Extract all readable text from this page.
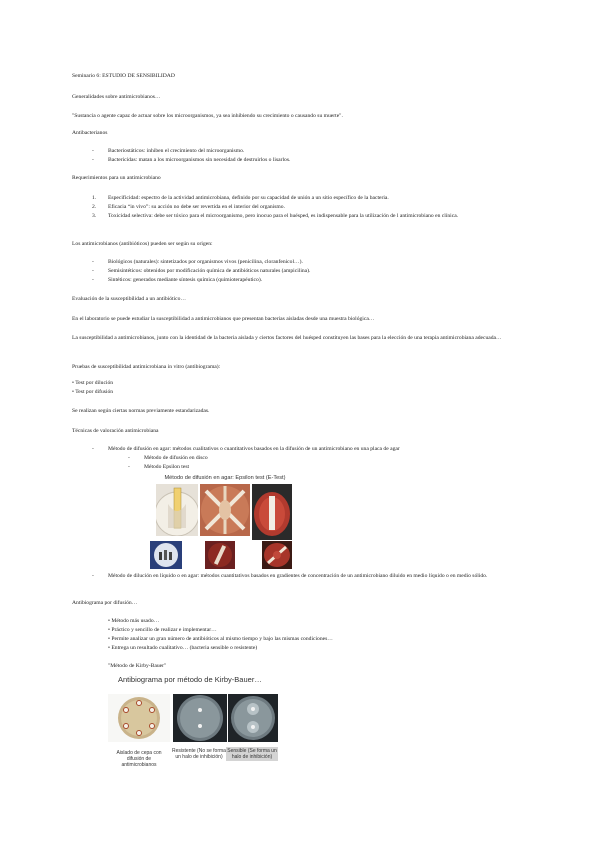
Seminario 6: ESTUDIO DE SENSIBILIDAD
Generalidades sobre antimicrobianos…
"Sustancia o agente capaz de actuar sobre los microorganismos, ya sea inhibiendo su crecimiento o causando su muerte".
Antibacterianos
-	Bacteriostáticos: inhiben el crecimiento del microorganismo.
-	Bactericidas: matan a los microorganismos sin necesidad de destruirlos o lisarlos.
Requerimientos para un antimicrobiano
1. Especificidad: espectro de la actividad antimicrobiana, definido por su capacidad de unión a un sitio específico de la bacteria.
2. Eficacia “in vivo”: su acción no debe ser revertida en el interior del organismo.
3. Toxicidad selectiva: debe ser tóxico para el microorganismo, pero inocuo para el huésped, es indispensable para la utilización de l antimicrobiano en clínica.
Los antimicrobianos (antibióticos) pueden ser según su origen:
-	Biológicos (naturales): sintetizados por organismos vivos (penicilina, cloranfenicol…).
-	Semisintéticos: obtenidos por modificación química de antibióticos naturales (ampicilina).
-	Sintéticos: generados mediante síntesis química (quimioterapéutico).
Evaluación de la susceptibilidad a un antibiótico…
En el laboratorio se puede estudiar la susceptibilidad a antimicrobianos que presentan bacterias aisladas desde una muestra biológica…
La susceptibilidad a antimicrobianos, junto con la identidad de la bacteria aislada y ciertos factores del huésped constituyen las bases para la elección de una terapia antimicrobiana adecuada…
Pruebas de susceptibilidad antimicrobiana in vitro (antibiograma):
• Test por dilución
• Test por difusión
Se realizan según ciertas normas previamente estandarizadas.
Técnicas de valoración antimicrobiana
-	Método de difusión en agar: métodos cualitativos o cuantitativos basados en la difusión de un antimicrobiano en una placa de agar
-	Método de difusión en disco
-	Método Epsilon test
Método de difusión en agar: Epsilon test (E-Test)
-	Método de dilución en líquido o en agar: métodos cuantitativos basados en gradientes de concentración de un antimicrobiano diluido en medio líquido o en medio sólido.
Antibiograma por difusión…
• Método más usado…
• Práctico y sencillo de realizar e implementar…
• Permite analizar un gran número de antibióticos al mismo tiempo y bajo las mismas condiciones…
• Entrega un resultado cualitativo… (bacteria sensible o resistente)
"Método de Kirby-Bauer"
Antibiograma por método de Kirby-Bauer…
Aislado de cepa con difusión de antimicrobianos
Resistente (No se forma un halo de inhibición)
Sensible (Se forma un halo de inhibición)
